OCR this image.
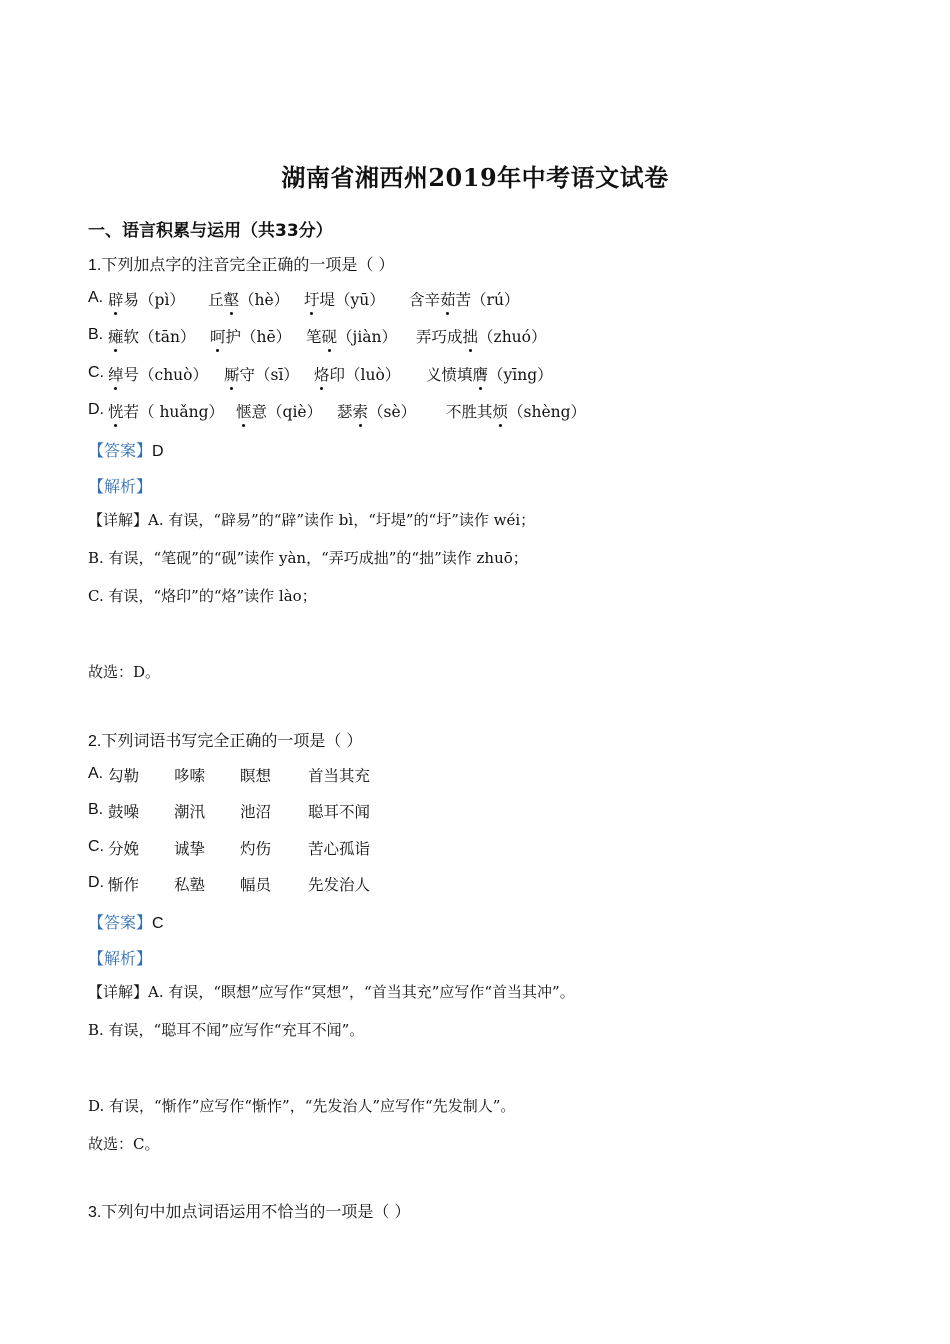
湖南省湘西州2019年中考语文试卷
一、语言积累与运用（共33分）
1.下列加点字的注音完全正确的一项是（ ）
A. 辟易（pì） 丘壑（hè） 圩堤（yū） 含辛茹苦（rú）
B. 瘫软（tān） 呵护（hē） 笔砚（jiàn） 弄巧成拙（zhuó）
C. 绰号（chuò） 厮守（sī） 烙印（luò） 义愤填膺（yīng）
D. 恍若（ huǎng） 惬意（qiè） 瑟索（sè） 不胜其烦（shèng）
【答案】D
【解析】
【详解】A. 有误，“辟易”的“辟”读作 bì，“圩堤”的“圩”读作 wéi；
B. 有误，“笔砚”的“砚”读作 yàn，“弄巧成拙”的“拙”读作 zhuō；
C. 有误，“烙印”的“烙”读作 lào；
故选：D。
2.下列词语书写完全正确的一项是（ ）
A. 勾勒 哆嗦 瞑想 首当其充
B. 鼓噪 潮汛 池沼 聪耳不闻
C. 分娩 诚挚 灼伤 苦心孤诣
D. 惭作 私塾 幅员 先发治人
【答案】C
【解析】
【详解】A. 有误，“瞑想”应写作“冥想”，“首当其充”应写作“首当其冲”。
B. 有误，“聪耳不闻”应写作“充耳不闻”。
D. 有误，“惭作”应写作“惭怍”，“先发治人”应写作“先发制人”。
故选：C。
3.下列句中加点词语运用不恰当的一项是（ ）
